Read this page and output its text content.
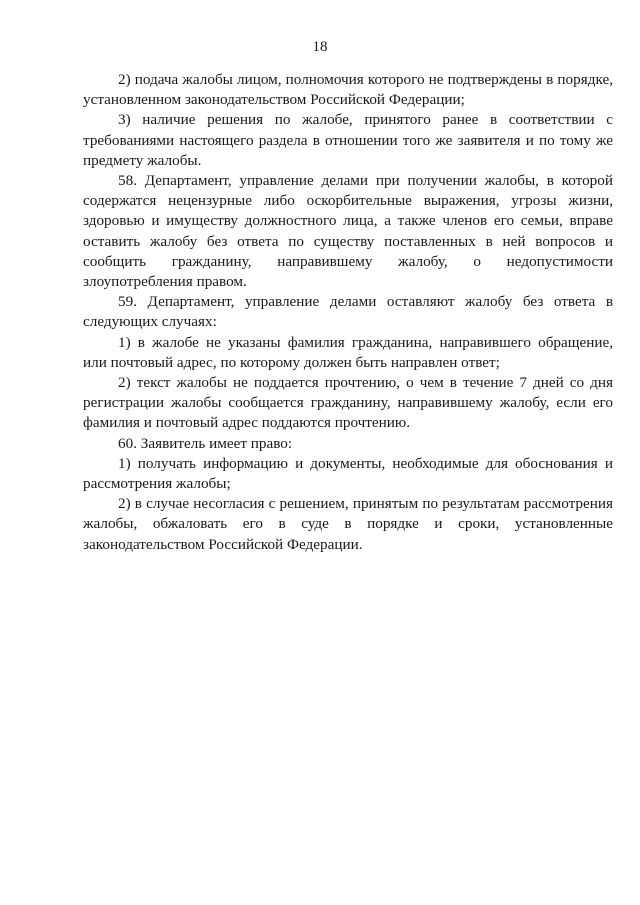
18

2) подача жалобы лицом, полномочия которого не подтверждены в порядке, установленном законодательством Российской Федерации;

3) наличие решения по жалобе, принятого ранее в соответствии с требованиями настоящего раздела в отношении того же заявителя и по тому же предмету жалобы.

58. Департамент, управление делами при получении жалобы, в которой содержатся нецензурные либо оскорбительные выражения, угрозы жизни, здоровью и имуществу должностного лица, а также членов его семьи, вправе оставить жалобу без ответа по существу поставленных в ней вопросов и сообщить гражданину, направившему жалобу, о недопустимости злоупотребления правом.

59. Департамент, управление делами оставляют жалобу без ответа в следующих случаях:

1) в жалобе не указаны фамилия гражданина, направившего обращение, или почтовый адрес, по которому должен быть направлен ответ;

2) текст жалобы не поддается прочтению, о чем в течение 7 дней со дня регистрации жалобы сообщается гражданину, направившему жалобу, если его фамилия и почтовый адрес поддаются прочтению.

60. Заявитель имеет право:

1) получать информацию и документы, необходимые для обоснования и рассмотрения жалобы;

2) в случае несогласия с решением, принятым по результатам рассмотрения жалобы, обжаловать его в суде в порядке и сроки, установленные законодательством Российской Федерации.
